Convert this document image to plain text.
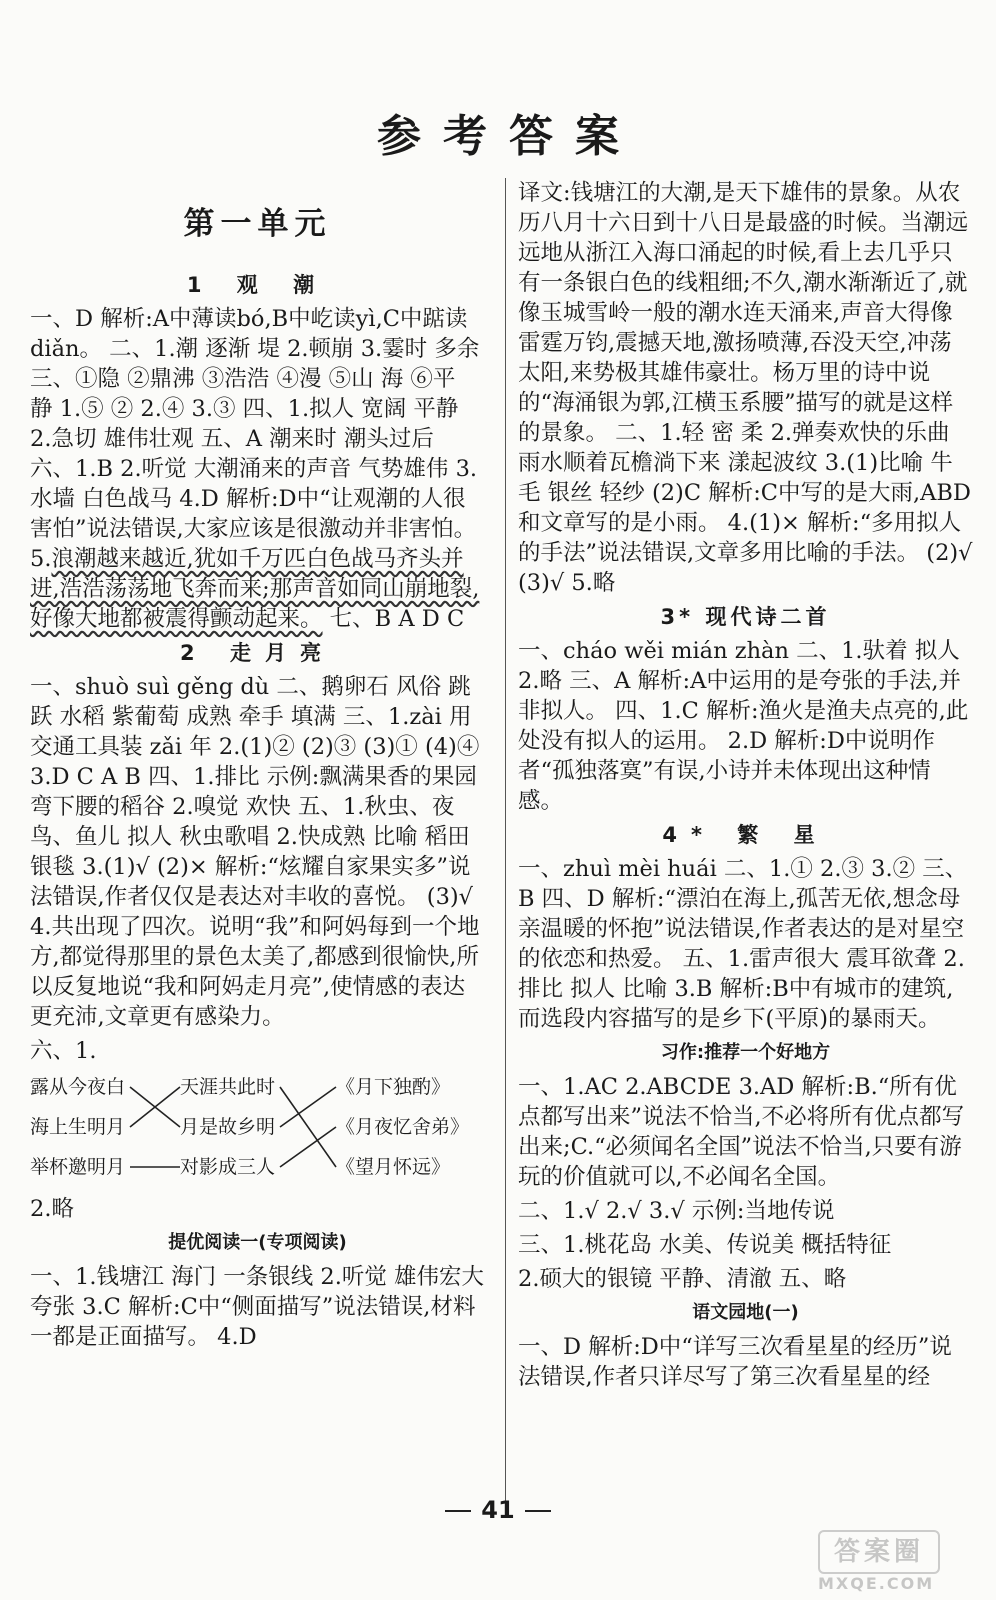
参考答案
第一单元
1 观 潮

一、D 解析:A中薄读bó,B中屹读yì,C中踮读diǎn。 二、1.潮 逐渐 堤 2.顿崩 3.霎时 多余 三、①隐 ②鼎沸 ③浩浩 ④漫 ⑤山 海 ⑥平 静 1.⑤ ② 2.④ 3.③ 四、1.拟人 宽阔 平静 2.急切 雄伟壮观 五、A 潮来时 潮头过后 六、1.B 2.听觉 大潮涌来的声音 气势雄伟 3.水墙 白色战马 4.D 解析:D中“让观潮的人很害怕”说法错误,大家应该是很激动并非害怕。 5.浪潮越来越近,犹如千万匹白色战马齐头并进,浩浩荡荡地飞奔而来;那声音如同山崩地裂,好像大地都被震得颤动起来。 七、B A D C

2 走月亮

一、shuò suì gěng dù 二、鹅卵石 风俗 跳跃 水稻 紫葡萄 成熟 牵手 填满 三、1.zài 用交通工具装 zǎi 年 2.(1)② (2)③ (3)① (4)④ 3.D C A B 四、1.排比 示例:飘满果香的果园 弯下腰的稻谷 2.嗅觉 欢快 五、1.秋虫、夜鸟、鱼儿 拟人 秋虫歌唱 2.快成熟 比喻 稻田 银毯 3.(1)√ (2)× 解析:“炫耀自家果实多”说法错误,作者仅仅是表达对丰收的喜悦。 (3)√ 4.共出现了四次。说明“我”和阿妈每到一个地方,都觉得那里的景色太美了,都感到很愉快,所以反复地说“我和阿妈走月亮”,使情感的表达更充沛,文章更有感染力。

六、1.

露从今夜白
海上生明月
举杯邀明月
天涯共此时
月是故乡明
对影成三人
《月下独酌》
《月夜忆舍弟》
《望月怀远》

2.略

提优阅读一(专项阅读)

一、1.钱塘江 海门 一条银线 2.听觉 雄伟宏大 夸张 3.C 解析:C中“侧面描写”说法错误,材料一都是正面描写。 4.D

译文:钱塘江的大潮,是天下雄伟的景象。从农历八月十六日到十八日是最盛的时候。当潮远远地从浙江入海口涌起的时候,看上去几乎只有一条银白色的线粗细;不久,潮水渐渐近了,就像玉城雪岭一般的潮水连天涌来,声音大得像雷霆万钧,震撼天地,激扬喷薄,吞没天空,冲荡太阳,来势极其雄伟豪壮。杨万里的诗中说的“海涌银为郭,江横玉系腰”描写的就是这样的景象。 二、1.轻 密 柔 2.弹奏欢快的乐曲 雨水顺着瓦檐淌下来 漾起波纹 3.(1)比喻 牛毛 银丝 轻纱 (2)C 解析:C中写的是大雨,ABD和文章写的是小雨。 4.(1)× 解析:“多用拟人的手法”说法错误,文章多用比喻的手法。 (2)√ (3)√ 5.略

3* 现代诗二首

一、cháo wěi mián zhàn 二、1.驮着 拟人 2.略 三、A 解析:A中运用的是夸张的手法,并非拟人。 四、1.C 解析:渔火是渔夫点亮的,此处没有拟人的运用。 2.D 解析:D中说明作者“孤独落寞”有误,小诗并未体现出这种情感。

4* 繁 星

一、zhuì mèi huái 二、1.① 2.③ 3.② 三、B 四、D 解析:“漂泊在海上,孤苦无依,想念母亲温暖的怀抱”说法错误,作者表达的是对星空的依恋和热爱。 五、1.雷声很大 震耳欲聋 2.排比 拟人 比喻 3.B 解析:B中有城市的建筑,而选段内容描写的是乡下(平原)的暴雨天。

习作:推荐一个好地方

一、1.AC 2.ABCDE 3.AD 解析:B.“所有优点都写出来”说法不恰当,不必将所有优点都写出来;C.“必须闻名全国”说法不恰当,只要有游玩的价值就可以,不必闻名全国。

二、1.√ 2.√ 3.√ 示例:当地传说

三、1.桃花岛 水美、传说美 概括特征

2.硕大的银镜 平静、清澈 五、略

语文园地(一)

一、D 解析:D中“详写三次看星星的经历”说法错误,作者只详尽写了第三次看星星的经

41
答案圈
MXQE.COM
